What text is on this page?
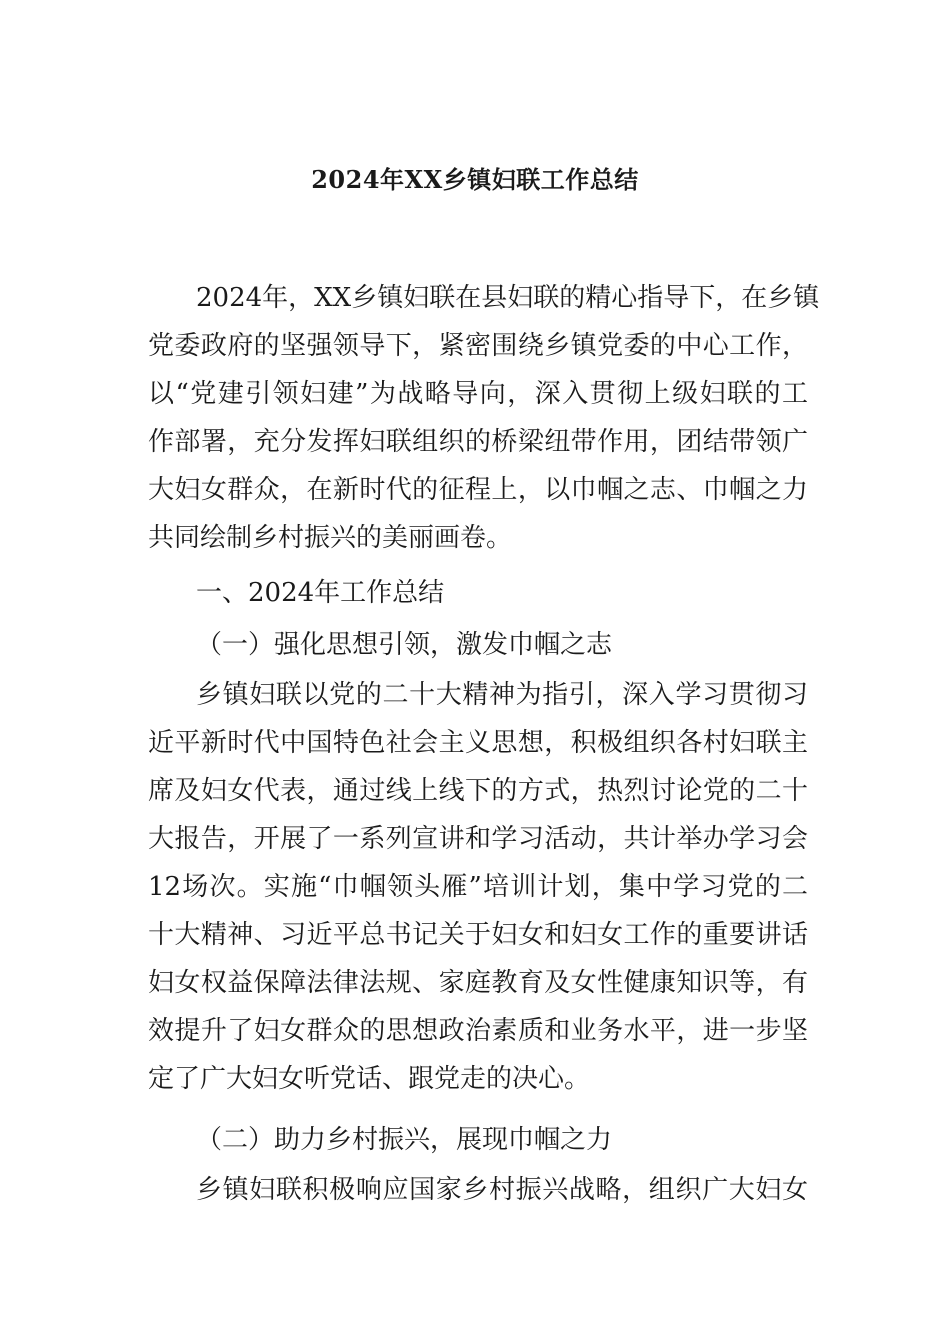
2024年XX乡镇妇联工作总结
2024年，XX乡镇妇联在县妇联的精心指导下，在乡镇
党委政府的坚强领导下，紧密围绕乡镇党委的中心工作，
以“党建引领妇建”为战略导向，深入贯彻上级妇联的工
作部署，充分发挥妇联组织的桥梁纽带作用，团结带领广
大妇女群众，在新时代的征程上，以巾帼之志、巾帼之力
共同绘制乡村振兴的美丽画卷。
一、2024年工作总结
（一）强化思想引领，激发巾帼之志
乡镇妇联以党的二十大精神为指引，深入学习贯彻习
近平新时代中国特色社会主义思想，积极组织各村妇联主
席及妇女代表，通过线上线下的方式，热烈讨论党的二十
大报告，开展了一系列宣讲和学习活动，共计举办学习会
12场次。实施“巾帼领头雁”培训计划，集中学习党的二
十大精神、习近平总书记关于妇女和妇女工作的重要讲话
妇女权益保障法律法规、家庭教育及女性健康知识等，有
效提升了妇女群众的思想政治素质和业务水平，进一步坚
定了广大妇女听党话、跟党走的决心。
（二）助力乡村振兴，展现巾帼之力
乡镇妇联积极响应国家乡村振兴战略，组织广大妇女
